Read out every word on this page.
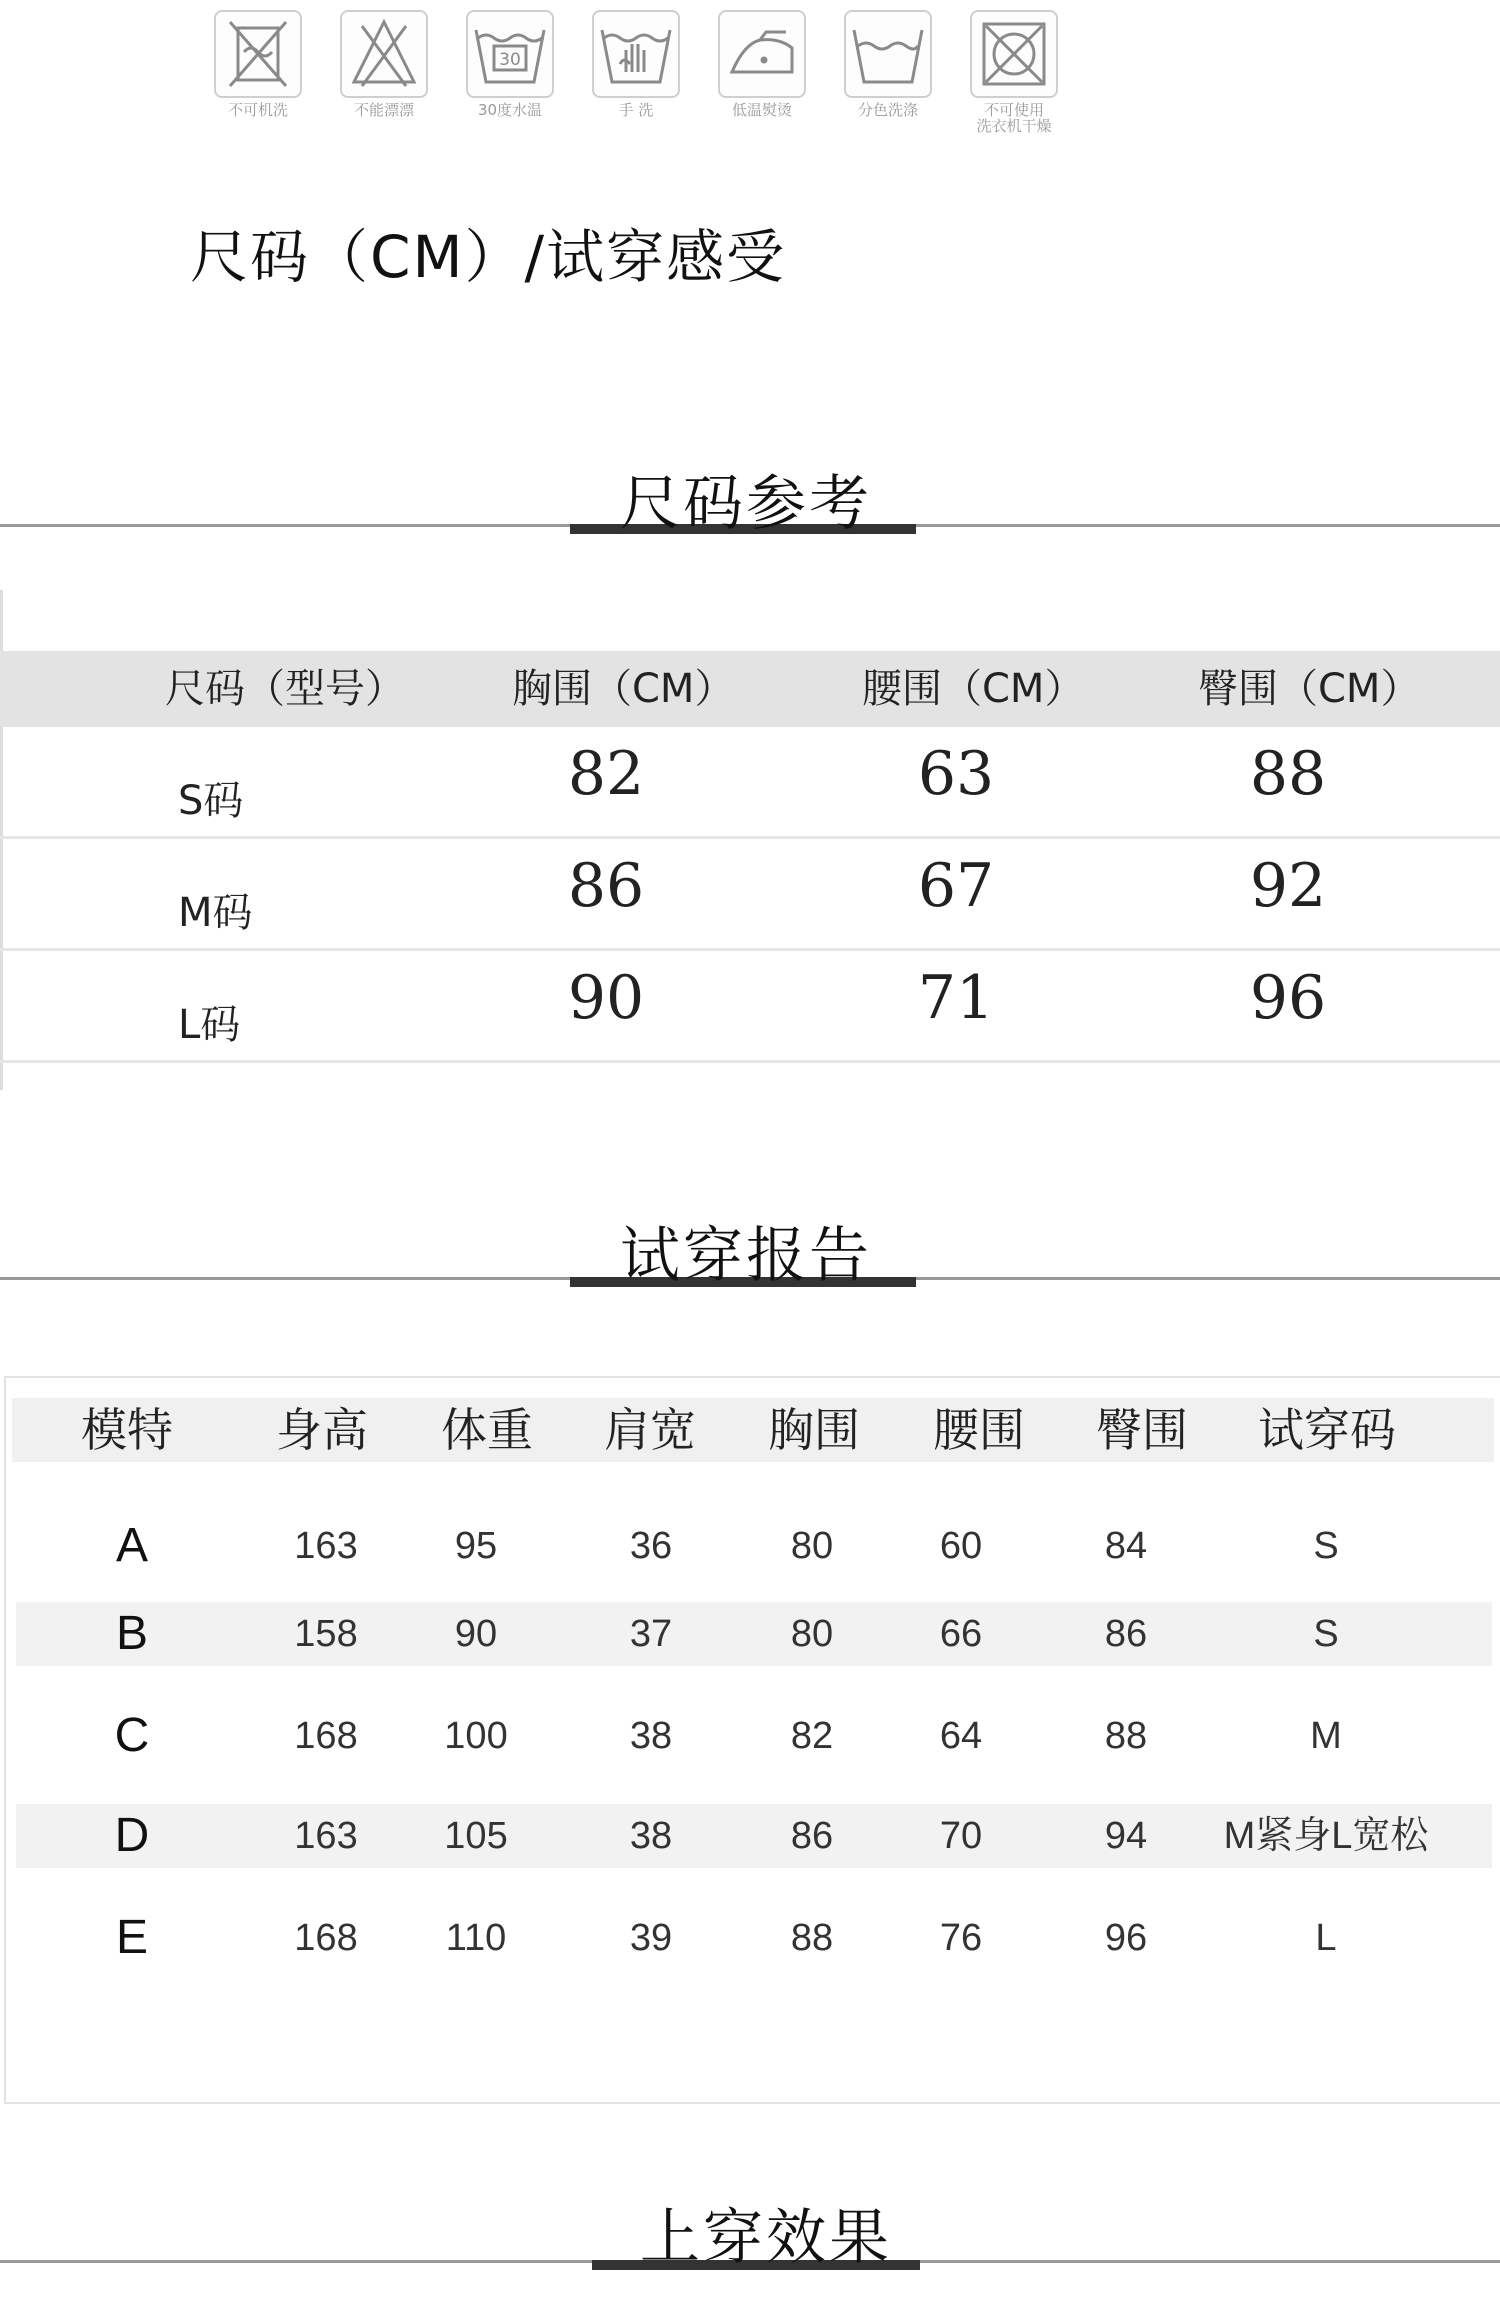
不可机洗	不能漂漂
30
30度水温	手 洗	低温熨烫	分色洗涤	不可使用
洗衣机干燥
尺码（CM）/试穿感受
尺码参考
尺码（型号）	胸围（CM）	腰围（CM）	臀围（CM）
S码	82	63	88
M码	86	67	92
L码	90	71	96
试穿报告
模特	身高	体重	肩宽	胸围	腰围	臀围	试穿码
A	163	95	36	80	60	84	S
B	158	90	37	80	66	86	S
C	168	100	38	82	64	88	M
D	163	105	38	86	70	94	M紧身L宽松
E	168	110	39	88	76	96	L
上穿效果
